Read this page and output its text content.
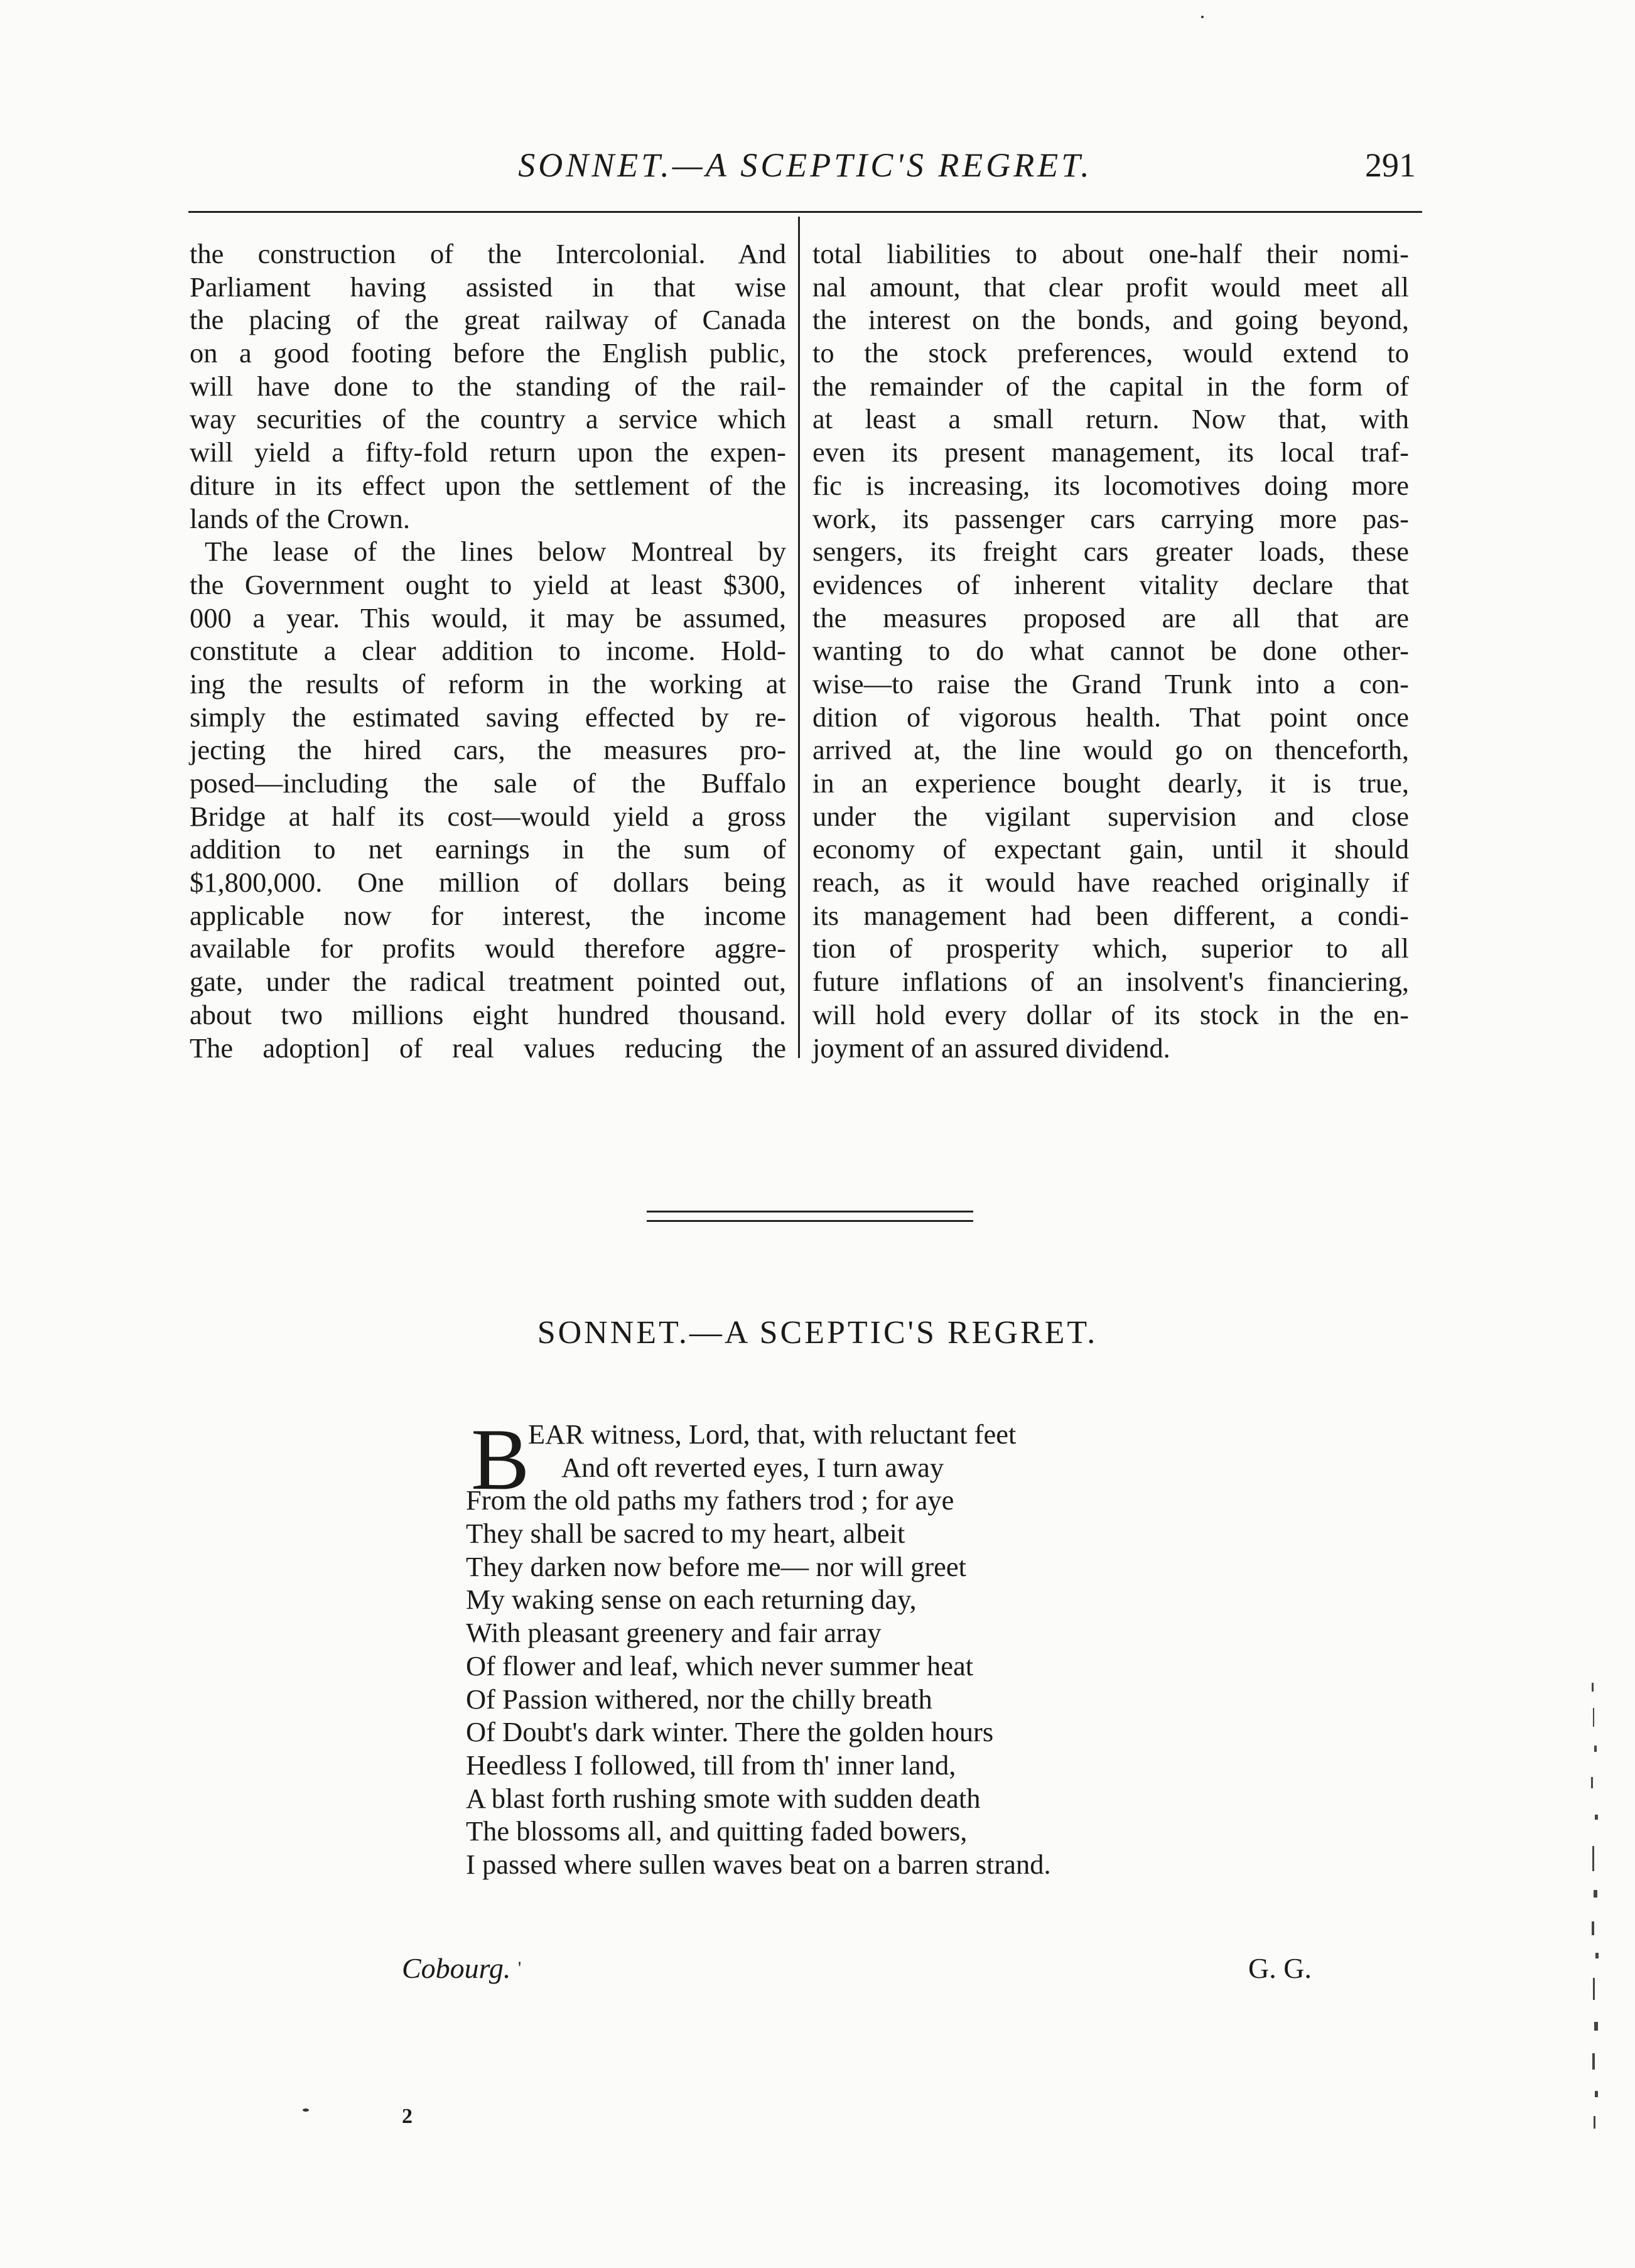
SONNET.—A SCEPTIC'S REGRET.	291
the construction of the Intercolonial. And
Parliament having assisted in that wise
the placing of the great railway of Canada
on a good footing before the English public,
will have done to the standing of the rail-
way securities of the country a service which
will yield a fifty-fold return upon the expen-
diture in its effect upon the settlement of the
lands of the Crown.
The lease of the lines below Montreal by
the Government ought to yield at least $300,
000 a year. This would, it may be assumed,
constitute a clear addition to income. Hold-
ing the results of reform in the working at
simply the estimated saving effected by re-
jecting the hired cars, the measures pro-
posed—including the sale of the Buffalo
Bridge at half its cost—would yield a gross
addition to net earnings in the sum of
$1,800,000. One million of dollars being
applicable now for interest, the income
available for profits would therefore aggre-
gate, under the radical treatment pointed out,
about two millions eight hundred thousand.
The adoption] of real values reducing the
total liabilities to about one-half their nomi-
nal amount, that clear profit would meet all
the interest on the bonds, and going beyond,
to the stock preferences, would extend to
the remainder of the capital in the form of
at least a small return. Now that, with
even its present management, its local traf-
fic is increasing, its locomotives doing more
work, its passenger cars carrying more pas-
sengers, its freight cars greater loads, these
evidences of inherent vitality declare that
the measures proposed are all that are
wanting to do what cannot be done other-
wise—to raise the Grand Trunk into a con-
dition of vigorous health. That point once
arrived at, the line would go on thenceforth,
in an experience bought dearly, it is true,
under the vigilant supervision and close
economy of expectant gain, until it should
reach, as it would have reached originally if
its management had been different, a condi-
tion of prosperity which, superior to all
future inflations of an insolvent's financiering,
will hold every dollar of its stock in the en-
joyment of an assured dividend.
SONNET.—A SCEPTIC'S REGRET.
B
EAR witness, Lord, that, with reluctant feet
And oft reverted eyes, I turn away
From the old paths my fathers trod ; for aye
They shall be sacred to my heart, albeit
They darken now before me— nor will greet
My waking sense on each returning day,
With pleasant greenery and fair array
Of flower and leaf, which never summer heat
Of Passion withered, nor the chilly breath
Of Doubt's dark winter. There the golden hours
Heedless I followed, till from th' inner land,
A blast forth rushing smote with sudden death
The blossoms all, and quitting faded bowers,
I passed where sullen waves beat on a barren strand.
Cobourg. '	G. G.
2
